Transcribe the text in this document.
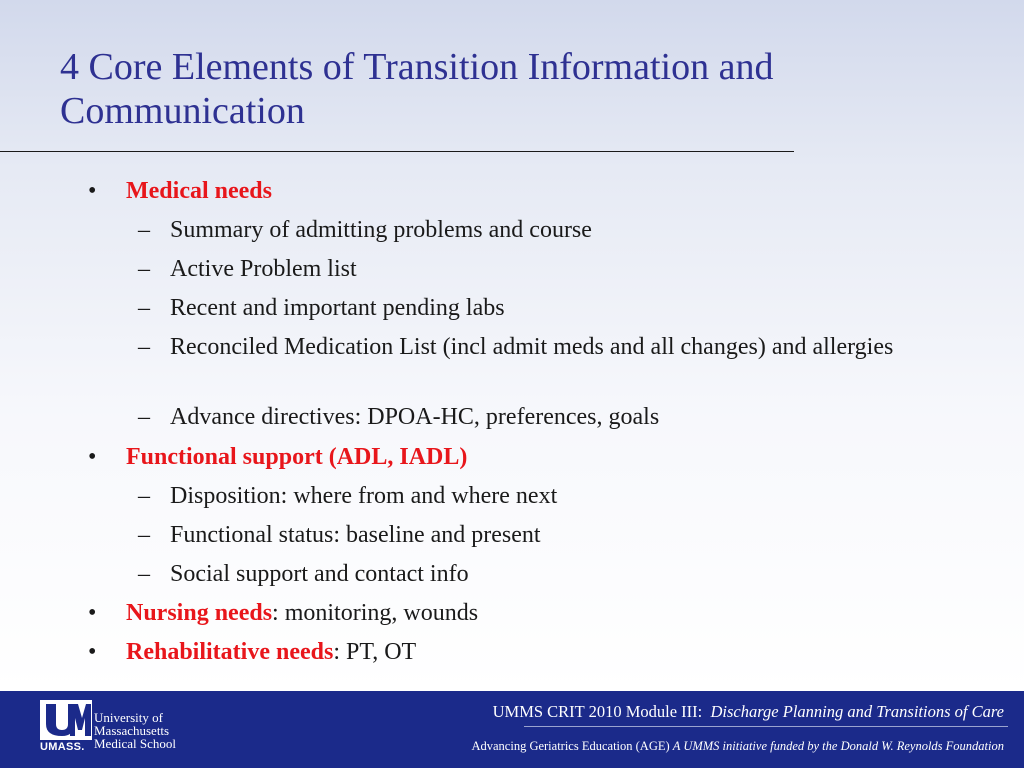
4 Core Elements of Transition Information and
Communication
• Medical needs
– Summary of admitting problems and course
– Active Problem list
– Recent and important pending labs
– Reconciled Medication List (incl admit meds and all changes) and allergies
– Advance directives: DPOA-HC, preferences, goals
• Functional support (ADL, IADL)
– Disposition: where from and where next
– Functional status: baseline and present
– Social support and contact info
• Nursing needs: monitoring, wounds
• Rehabilitative needs: PT, OT
UMASS.
University of
Massachusetts
Medical School
UMMS CRIT 2010 Module III: Discharge Planning and Transitions of Care
Advancing Geriatrics Education (AGE) A UMMS initiative funded by the Donald W. Reynolds Foundation
